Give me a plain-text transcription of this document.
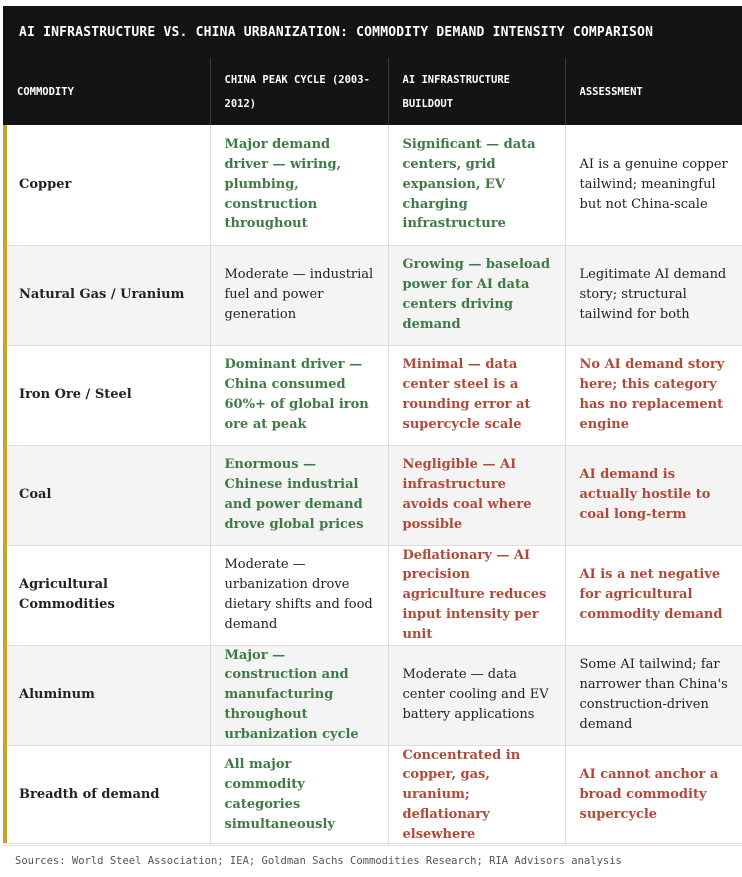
AI INFRASTRUCTURE VS. CHINA URBANIZATION: COMMODITY DEMAND INTENSITY COMPARISON
COMMODITY	CHINA PEAK CYCLE (2003-2012)	AI INFRASTRUCTURE BUILDOUT	ASSESSMENT
Copper	Major demand driver — wiring, plumbing, construction throughout	Significant — data centers, grid expansion, EV charging infrastructure	AI is a genuine copper tailwind; meaningful but not China-scale
Natural Gas / Uranium	Moderate — industrial fuel and power generation	Growing — baseload power for AI data centers driving demand	Legitimate AI demand story; structural tailwind for both
Iron Ore / Steel	Dominant driver — China consumed 60%+ of global iron ore at peak	Minimal — data center steel is a rounding error at supercycle scale	No AI demand story here; this category has no replacement engine
Coal	Enormous — Chinese industrial and power demand drove global prices	Negligible — AI infrastructure avoids coal where possible	AI demand is actually hostile to coal long-term
Agricultural Commodities	Moderate — urbanization drove dietary shifts and food demand	Deflationary — AI precision agriculture reduces input intensity per unit	AI is a net negative for agricultural commodity demand
Aluminum	Major — construction and manufacturing throughout urbanization cycle	Moderate — data center cooling and EV battery applications	Some AI tailwind; far narrower than China's construction-driven demand
Breadth of demand	All major commodity categories simultaneously	Concentrated in copper, gas, uranium; deflationary elsewhere	AI cannot anchor a broad commodity supercycle
Sources: World Steel Association; IEA; Goldman Sachs Commodities Research; RIA Advisors analysis
